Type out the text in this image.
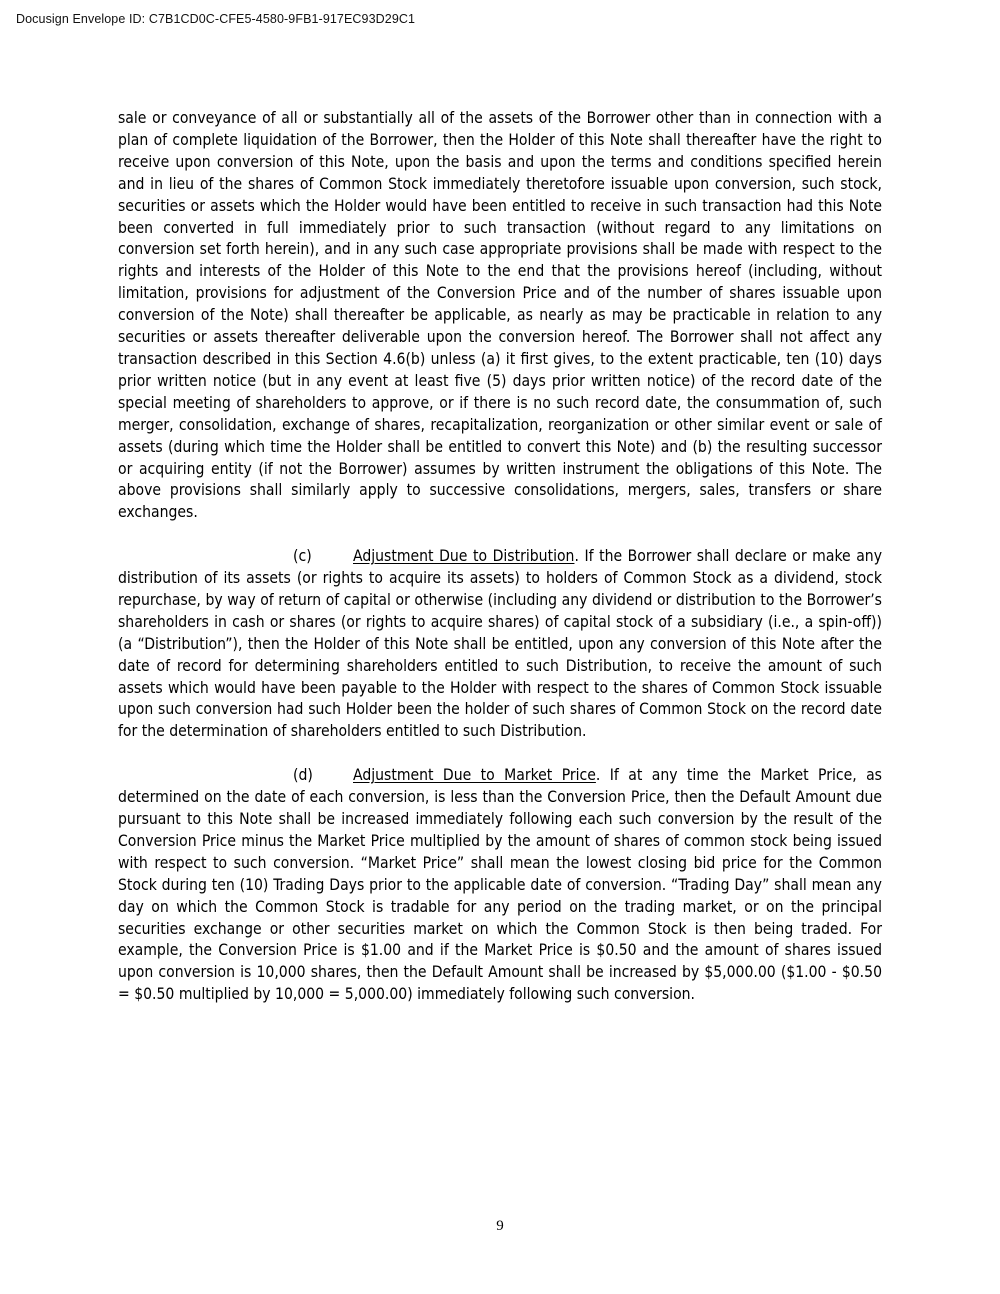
Docusign Envelope ID: C7B1CD0C-CFE5-4580-9FB1-917EC93D29C1

sale or conveyance of all or substantially all of the assets of the Borrower other than in connection with a plan of complete liquidation of the Borrower, then the Holder of this Note shall thereafter have the right to receive upon conversion of this Note, upon the basis and upon the terms and conditions specified herein and in lieu of the shares of Common Stock immediately theretofore issuable upon conversion, such stock, securities or assets which the Holder would have been entitled to receive in such transaction had this Note been converted in full immediately prior to such transaction (without regard to any limitations on conversion set forth herein), and in any such case appropriate provisions shall be made with respect to the rights and interests of the Holder of this Note to the end that the provisions hereof (including, without limitation, provisions for adjustment of the Conversion Price and of the number of shares issuable upon conversion of the Note) shall thereafter be applicable, as nearly as may be practicable in relation to any securities or assets thereafter deliverable upon the conversion hereof. The Borrower shall not affect any transaction described in this Section 4.6(b) unless (a) it first gives, to the extent practicable, ten (10) days prior written notice (but in any event at least five (5) days prior written notice) of the record date of the special meeting of shareholders to approve, or if there is no such record date, the consummation of, such merger, consolidation, exchange of shares, recapitalization, reorganization or other similar event or sale of assets (during which time the Holder shall be entitled to convert this Note) and (b) the resulting successor or acquiring entity (if not the Borrower) assumes by written instrument the obligations of this Note. The above provisions shall similarly apply to successive consolidations, mergers, sales, transfers or share exchanges.

(c)	Adjustment Due to Distribution. If the Borrower shall declare or make any distribution of its assets (or rights to acquire its assets) to holders of Common Stock as a dividend, stock repurchase, by way of return of capital or otherwise (including any dividend or distribution to the Borrower’s shareholders in cash or shares (or rights to acquire shares) of capital stock of a subsidiary (i.e., a spin-off)) (a “Distribution”), then the Holder of this Note shall be entitled, upon any conversion of this Note after the date of record for determining shareholders entitled to such Distribution, to receive the amount of such assets which would have been payable to the Holder with respect to the shares of Common Stock issuable upon such conversion had such Holder been the holder of such shares of Common Stock on the record date for the determination of shareholders entitled to such Distribution.

(d)	Adjustment Due to Market Price. If at any time the Market Price, as determined on the date of each conversion, is less than the Conversion Price, then the Default Amount due pursuant to this Note shall be increased immediately following each such conversion by the result of the Conversion Price minus the Market Price multiplied by the amount of shares of common stock being issued with respect to such conversion. “Market Price” shall mean the lowest closing bid price for the Common Stock during ten (10) Trading Days prior to the applicable date of conversion. “Trading Day” shall mean any day on which the Common Stock is tradable for any period on the trading market, or on the principal securities exchange or other securities market on which the Common Stock is then being traded. For example, the Conversion Price is $1.00 and if the Market Price is $0.50 and the amount of shares issued upon conversion is 10,000 shares, then the Default Amount shall be increased by $5,000.00 ($1.00 - $0.50 = $0.50 multiplied by 10,000 = 5,000.00) immediately following such conversion.

9
